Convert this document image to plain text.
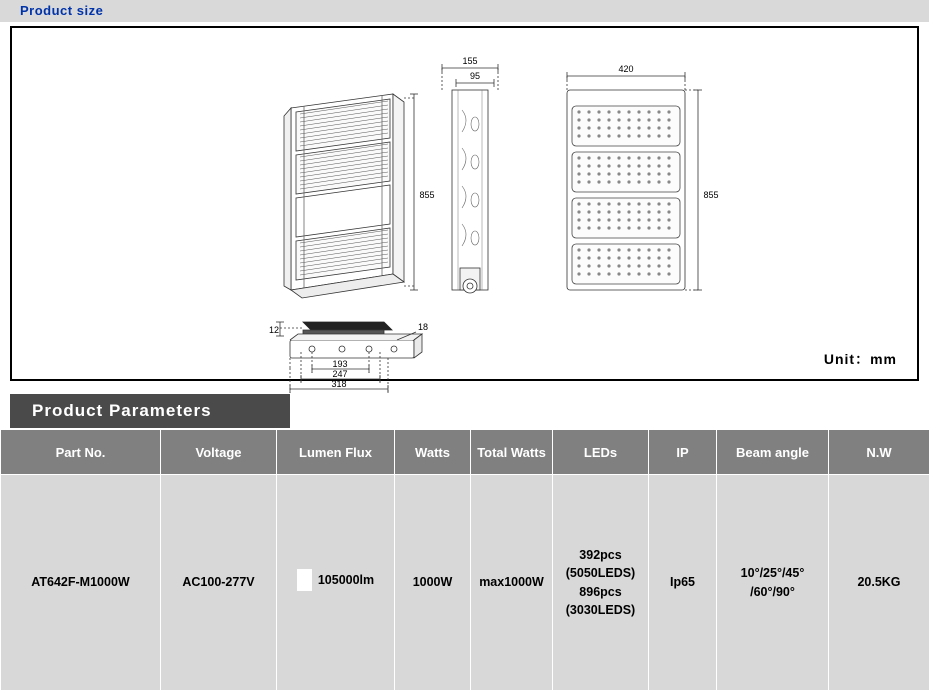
Product size
855
155
95
420
855
12	18
193
247
318
Unit：mm
Product Parameters
Part No.	Voltage	Lumen Flux	Watts	Total Watts	LEDs	IP	Beam angle	N.W
AT642F-M1000W	AC100-277V	105000lm	1000W	max1000W	392pcs
(5050LEDS)
896pcs
(3030LEDS)	Ip65	10°/25°/45°
/60°/90°	20.5KG
